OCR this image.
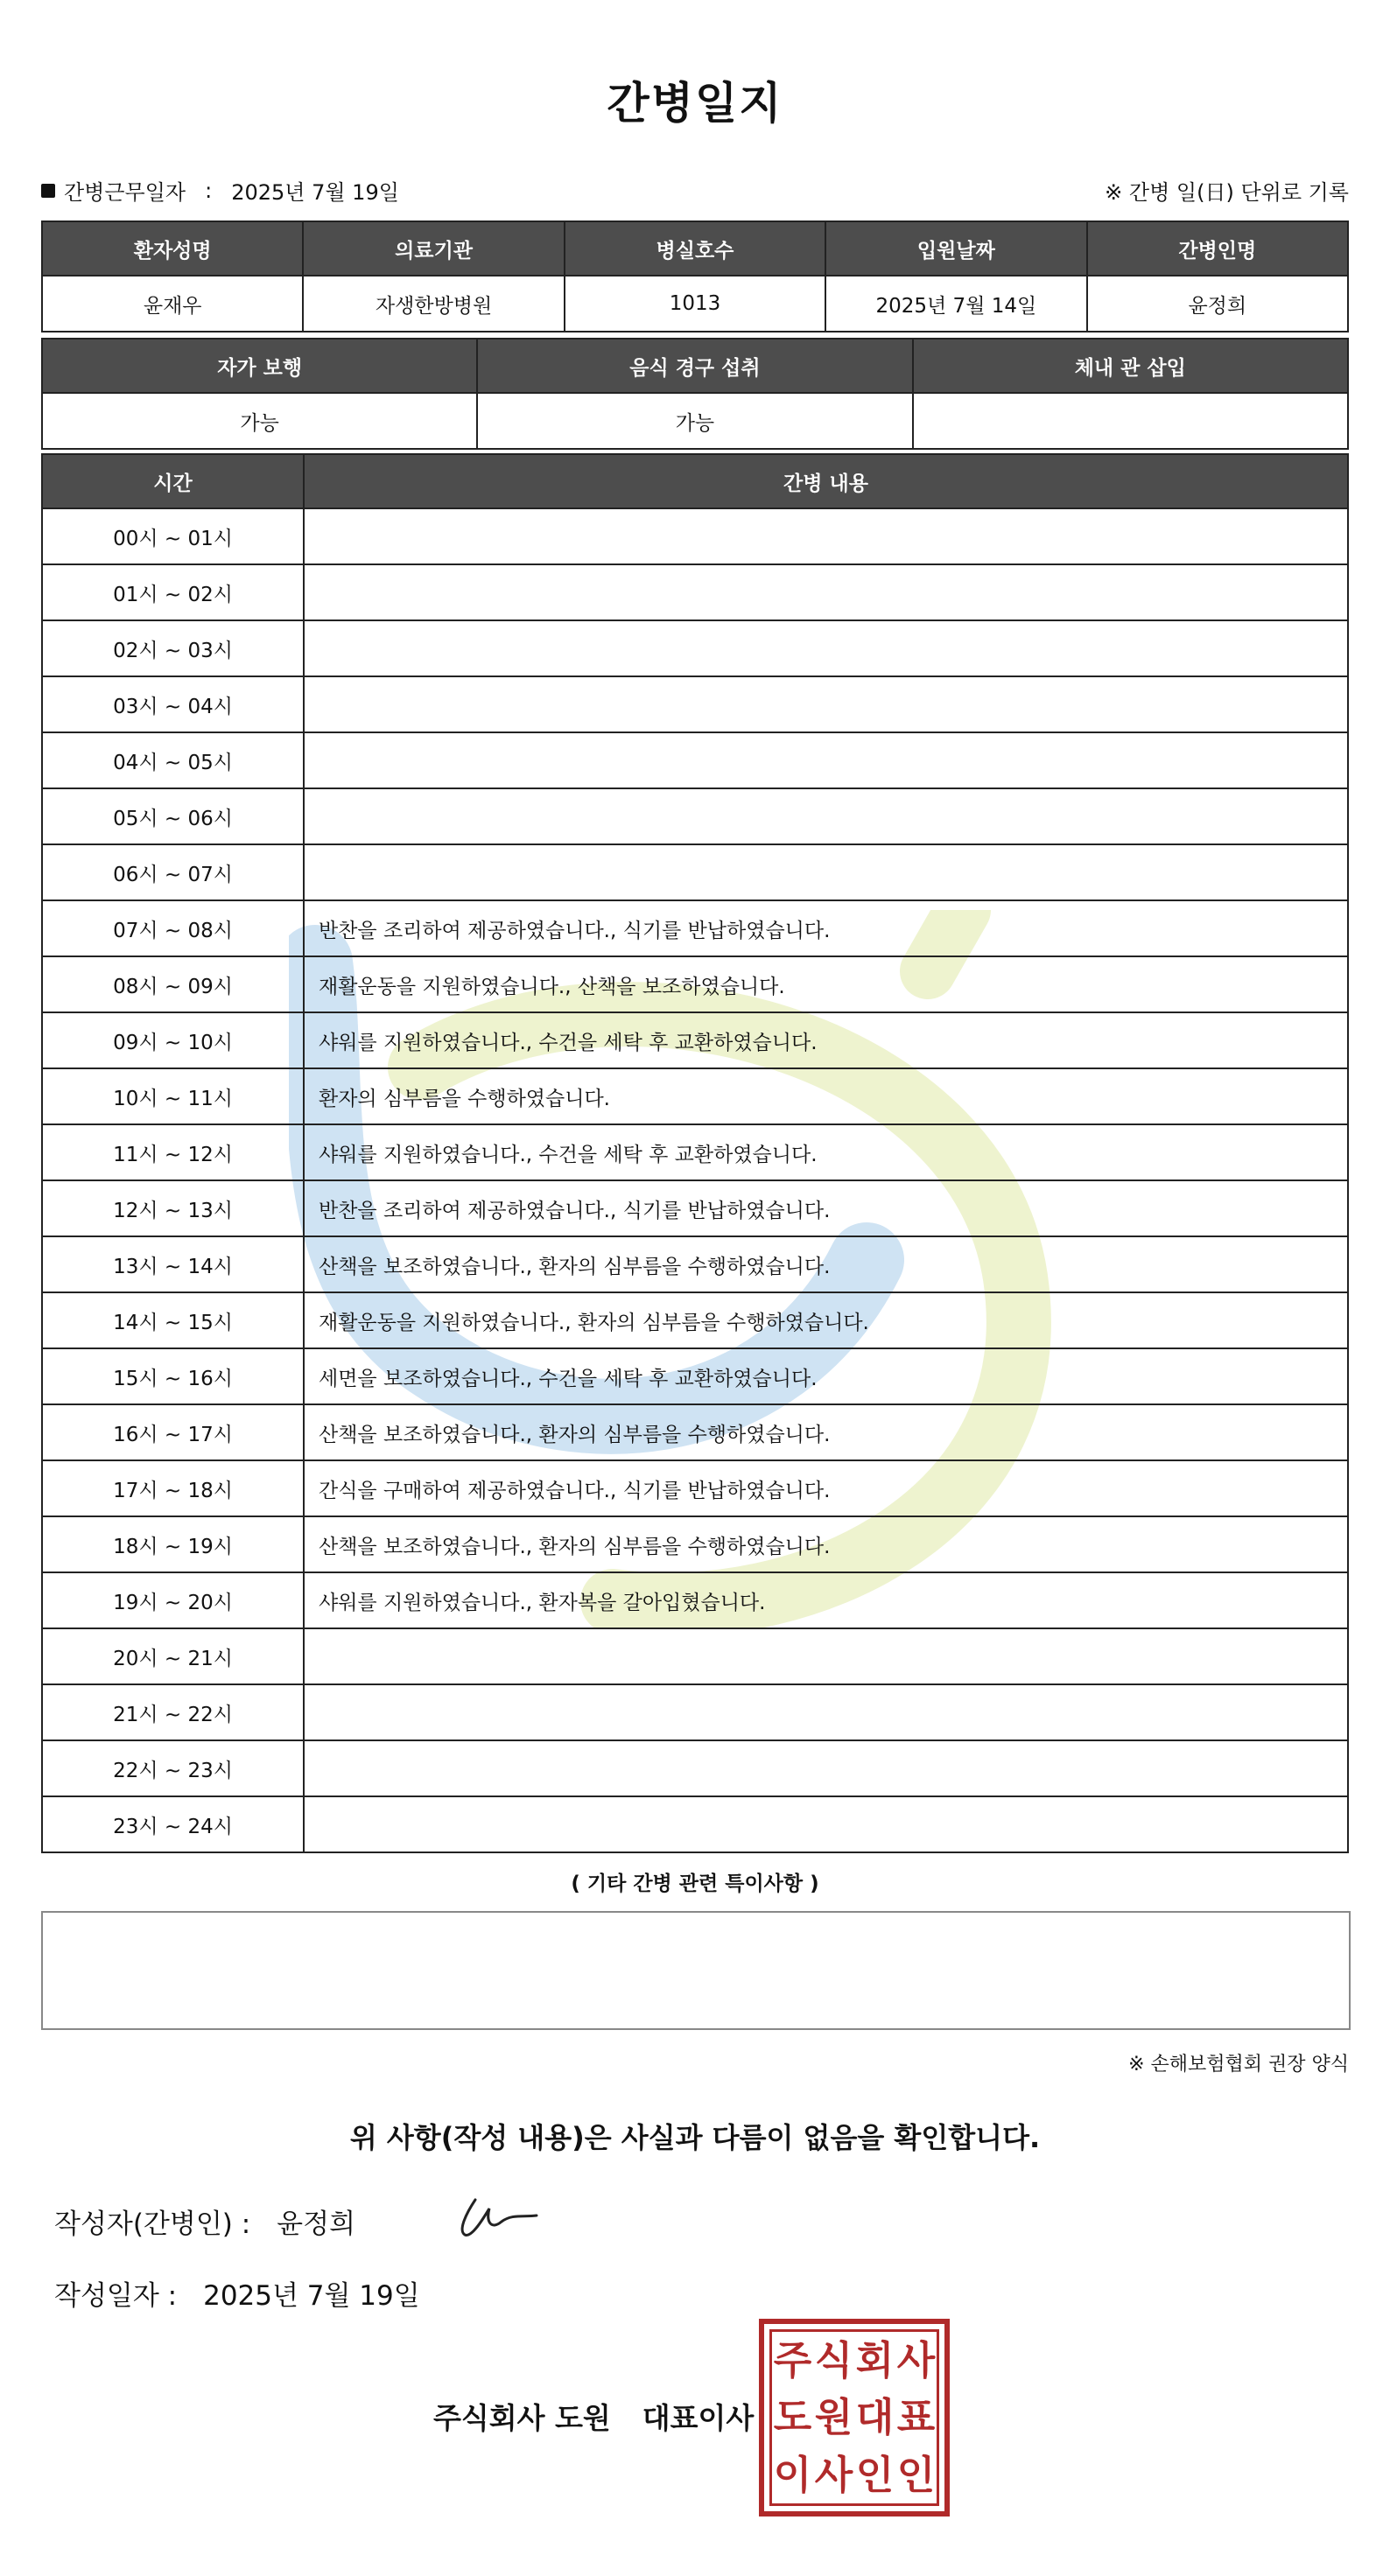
간병일지
간병근무일자 : 2025년 7월 19일	※ 간병 일(日) 단위로 기록
환자성명	의료기관	병실호수	입원날짜	간병인명
윤재우	자생한방병원	1013	2025년 7월 14일	윤정희
자가 보행	음식 경구 섭취	체내 관 삽입
가능	가능	
시간	간병 내용
00시 ~ 01시	
01시 ~ 02시	
02시 ~ 03시	
03시 ~ 04시	
04시 ~ 05시	
05시 ~ 06시	
06시 ~ 07시	
07시 ~ 08시	반찬을 조리하여 제공하였습니다., 식기를 반납하였습니다.
08시 ~ 09시	재활운동을 지원하였습니다., 산책을 보조하였습니다.
09시 ~ 10시	샤워를 지원하였습니다., 수건을 세탁 후 교환하였습니다.
10시 ~ 11시	환자의 심부름을 수행하였습니다.
11시 ~ 12시	샤워를 지원하였습니다., 수건을 세탁 후 교환하였습니다.
12시 ~ 13시	반찬을 조리하여 제공하였습니다., 식기를 반납하였습니다.
13시 ~ 14시	산책을 보조하였습니다., 환자의 심부름을 수행하였습니다.
14시 ~ 15시	재활운동을 지원하였습니다., 환자의 심부름을 수행하였습니다.
15시 ~ 16시	세면을 보조하였습니다., 수건을 세탁 후 교환하였습니다.
16시 ~ 17시	산책을 보조하였습니다., 환자의 심부름을 수행하였습니다.
17시 ~ 18시	간식을 구매하여 제공하였습니다., 식기를 반납하였습니다.
18시 ~ 19시	산책을 보조하였습니다., 환자의 심부름을 수행하였습니다.
19시 ~ 20시	샤워를 지원하였습니다., 환자복을 갈아입혔습니다.
20시 ~ 21시	
21시 ~ 22시	
22시 ~ 23시	
23시 ~ 24시	
( 기타 간병 관련 특이사항 )
※ 손해보험협회 권장 양식
위 사항(작성 내용)은 사실과 다름이 없음을 확인합니다.
작성자(간병인) : 윤정희
작성일자 : 2025년 7월 19일
주식회사 도원 대표이사
주 식 회 사
도 원 대 표
이 사 인 인
